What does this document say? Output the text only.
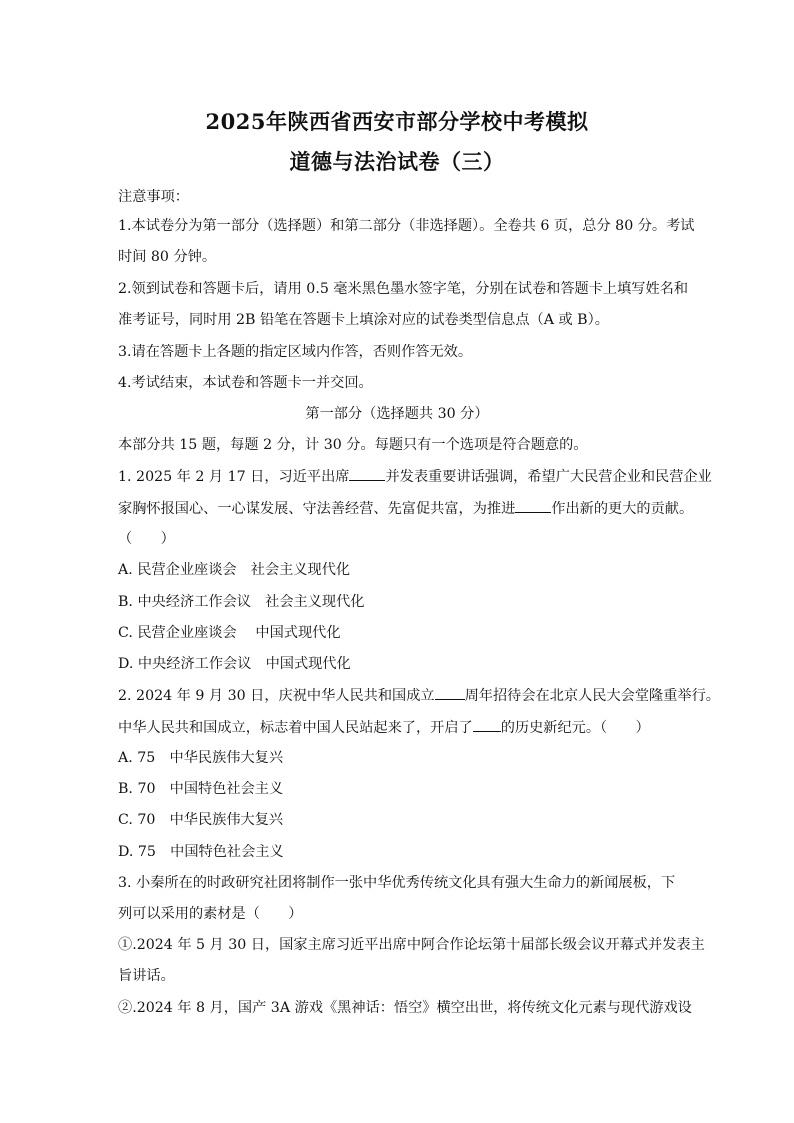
2025年陕西省西安市部分学校中考模拟
道德与法治试卷（三）
注意事项：
1.本试卷分为第一部分（选择题）和第二部分（非选择题）。全卷共 6 页，总分 80 分。考试
时间 80 分钟。
2.领到试卷和答题卡后，请用 0.5 毫米黑色墨水签字笔，分别在试卷和答题卡上填写姓名和
准考证号，同时用 2B 铅笔在答题卡上填涂对应的试卷类型信息点（A 或 B）。
3.请在答题卡上各题的指定区域内作答，否则作答无效。
4.考试结束，本试卷和答题卡一并交回。
第一部分（选择题共 30 分）
本部分共 15 题，每题 2 分，计 30 分。每题只有一个选项是符合题意的。
1. 2025 年 2 月 17 日，习近平出席	并发表重要讲话强调，希望广大民营企业和民营企业
家胸怀报国心、一心谋发展、守法善经营、先富促共富，为推进	作出新的更大的贡献。
（　　）
A. 民营企业座谈会　社会主义现代化
B. 中央经济工作会议　社会主义现代化
C. 民营企业座谈会　 中国式现代化
D. 中央经济工作会议　中国式现代化
2. 2024 年 9 月 30 日，庆祝中华人民共和国成立 周年招待会在北京人民大会堂隆重举行。
中华人民共和国成立，标志着中国人民站起来了，开启了 的历史新纪元。（　　）
A. 75　中华民族伟大复兴
B. 70　中国特色社会主义
C. 70　中华民族伟大复兴
D. 75　中国特色社会主义
3. 小秦所在的时政研究社团将制作一张中华优秀传统文化具有强大生命力的新闻展板，下
列可以采用的素材是（　　）
①.2024 年 5 月 30 日，国家主席习近平出席中阿合作论坛第十届部长级会议开幕式并发表主
旨讲话。
②.2024 年 8 月，国产 3A 游戏《黑神话：悟空》横空出世，将传统文化元素与现代游戏设
